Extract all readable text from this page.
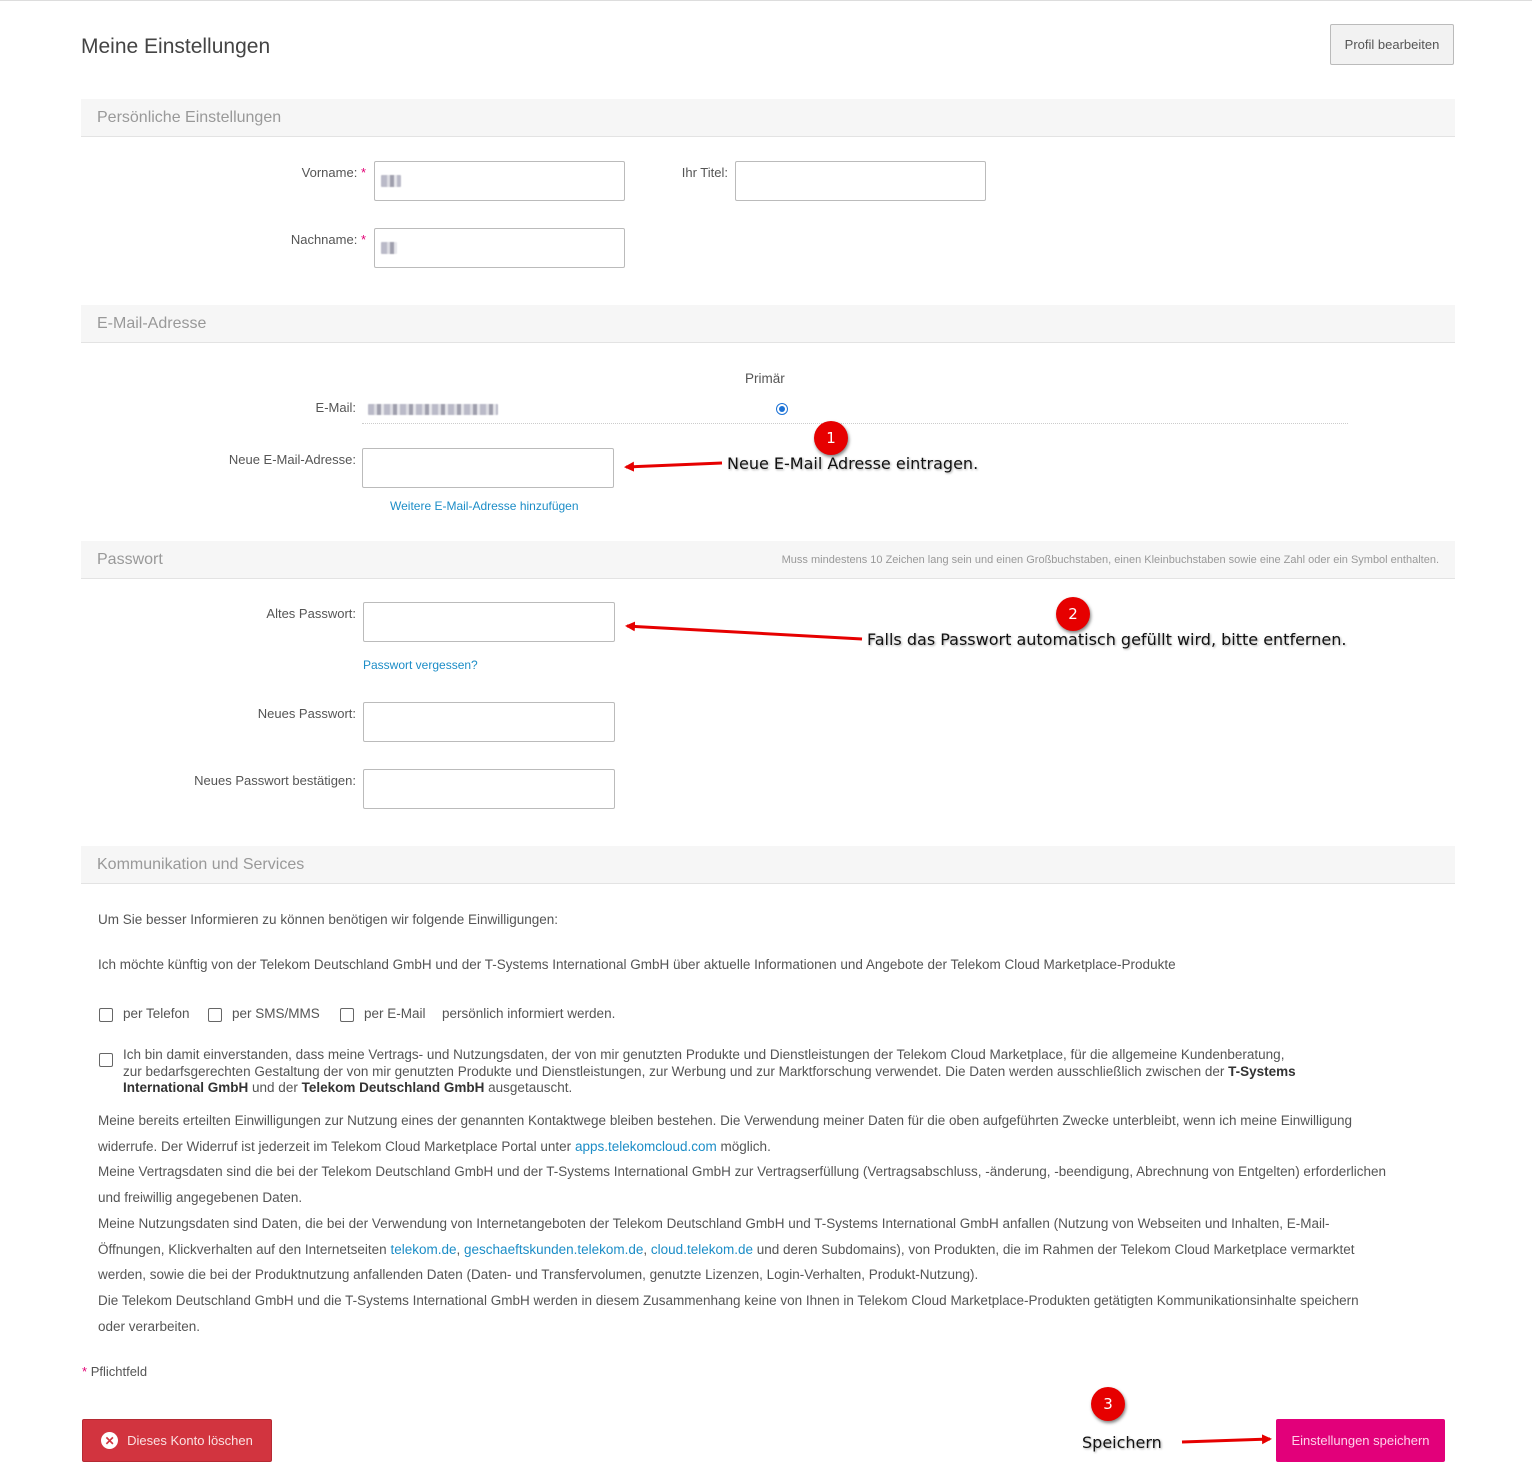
Meine Einstellungen	Profil bearbeiten
Persönliche Einstellungen
Vorname: *	Ihr Titel:
Nachname: *
E-Mail-Adresse
Primär
E-Mail:
Neue E-Mail-Adresse:
Weitere E-Mail-Adresse hinzufügen
Passwort	Muss mindestens 10 Zeichen lang sein und einen Großbuchstaben, einen Kleinbuchstaben sowie eine Zahl oder ein Symbol enthalten.
Altes Passwort:
Passwort vergessen?
Neues Passwort:
Neues Passwort bestätigen:
Kommunikation und Services
Um Sie besser Informieren zu können benötigen wir folgende Einwilligungen:
Ich möchte künftig von der Telekom Deutschland GmbH und der T-Systems International GmbH über aktuelle Informationen und Angebote der Telekom Cloud Marketplace-Produkte
per Telefon	per SMS/MMS	per E-Mail persönlich informiert werden.
Ich bin damit einverstanden, dass meine Vertrags- und Nutzungsdaten, der von mir genutzten Produkte und Dienstleistungen der Telekom Cloud Marketplace, für die allgemeine Kundenberatung,
zur bedarfsgerechten Gestaltung der von mir genutzten Produkte und Dienstleistungen, zur Werbung und zur Marktforschung verwendet. Die Daten werden ausschließlich zwischen der T-Systems
International GmbH und der Telekom Deutschland GmbH ausgetauscht.
Meine bereits erteilten Einwilligungen zur Nutzung eines der genannten Kontaktwege bleiben bestehen. Die Verwendung meiner Daten für die oben aufgeführten Zwecke unterbleibt, wenn ich meine Einwilligung
widerrufe. Der Widerruf ist jederzeit im Telekom Cloud Marketplace Portal unter apps.telekomcloud.com möglich.
Meine Vertragsdaten sind die bei der Telekom Deutschland GmbH und der T-Systems International GmbH zur Vertragserfüllung (Vertragsabschluss, -änderung, -beendigung, Abrechnung von Entgelten) erforderlichen
und freiwillig angegebenen Daten.
Meine Nutzungsdaten sind Daten, die bei der Verwendung von Internetangeboten der Telekom Deutschland GmbH und T-Systems International GmbH anfallen (Nutzung von Webseiten und Inhalten, E-Mail-
Öffnungen, Klickverhalten auf den Internetseiten telekom.de, geschaeftskunden.telekom.de, cloud.telekom.de und deren Subdomains), von Produkten, die im Rahmen der Telekom Cloud Marketplace vermarktet
werden, sowie die bei der Produktnutzung anfallenden Daten (Daten- und Transfervolumen, genutzte Lizenzen, Login-Verhalten, Produkt-Nutzung).
Die Telekom Deutschland GmbH und die T-Systems International GmbH werden in diesem Zusammenhang keine von Ihnen in Telekom Cloud Marketplace-Produkten getätigten Kommunikationsinhalte speichern
oder verarbeiten.
* Pflichtfeld
✕ Dieses Konto löschen	Einstellungen speichern
1
Neue E-Mail Adresse eintragen.
2
Falls das Passwort automatisch gefüllt wird, bitte entfernen.
3
Speichern
